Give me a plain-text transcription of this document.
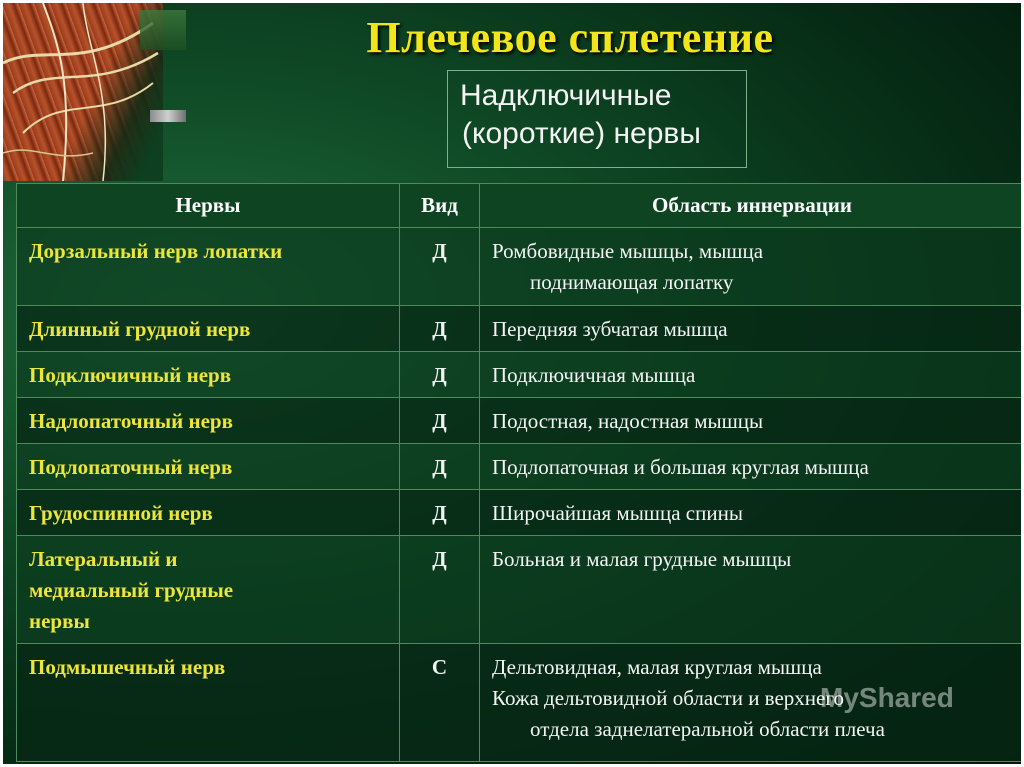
Плечевое сплетение
Надключичные
(короткие) нервы
Нервы	Вид	Область иннервации

Дорзальный нерв лопатки	Д	Ромбовидные мышцы, мышца
поднимающая лопатку

Длинный грудной нерв	Д	Передняя зубчатая мышца

Подключичный нерв	Д	Подключичная мышца

Надлопаточный нерв	Д	Подостная, надостная мышцы

Подлопаточный нерв	Д	Подлопаточная и большая круглая мышца

Грудоспинной нерв	Д	Широчайшая мышца спины

Латеральный и
медиальный грудные
нервы	Д	Больная и малая грудные мышцы

Подмышечный нерв	С	Дельтовидная, малая круглая мышца
Кожа дельтовидной области и верхнего
отдела заднелатеральной области плеча
MyShared
